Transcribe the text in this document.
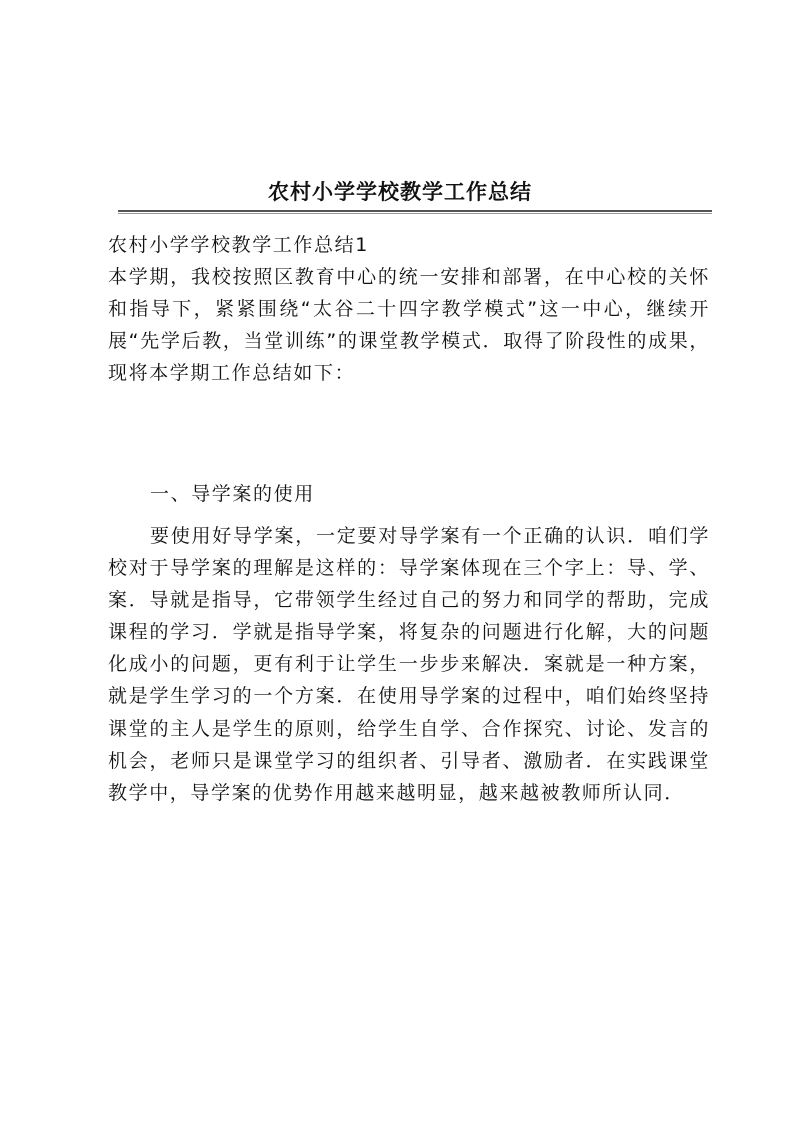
农村小学学校教学工作总结

农村小学学校教学工作总结1

本学期，我校按照区教育中心的统一安排和部署，在中心校的关怀和指导下，紧紧围绕“太谷二十四字教学模式”这一中心，继续开展“先学后教，当堂训练”的课堂教学模式．取得了阶段性的成果，现将本学期工作总结如下：

一、导学案的使用

要使用好导学案，一定要对导学案有一个正确的认识．咱们学校对于导学案的理解是这样的：导学案体现在三个字上：导、学、案．导就是指导，它带领学生经过自己的努力和同学的帮助，完成课程的学习．学就是指导学案，将复杂的问题进行化解，大的问题化成小的问题，更有利于让学生一步步来解决．案就是一种方案，就是学生学习的一个方案．在使用导学案的过程中，咱们始终坚持课堂的主人是学生的原则，给学生自学、合作探究、讨论、发言的机会，老师只是课堂学习的组织者、引导者、激励者．在实践课堂教学中，导学案的优势作用越来越明显，越来越被教师所认同．
